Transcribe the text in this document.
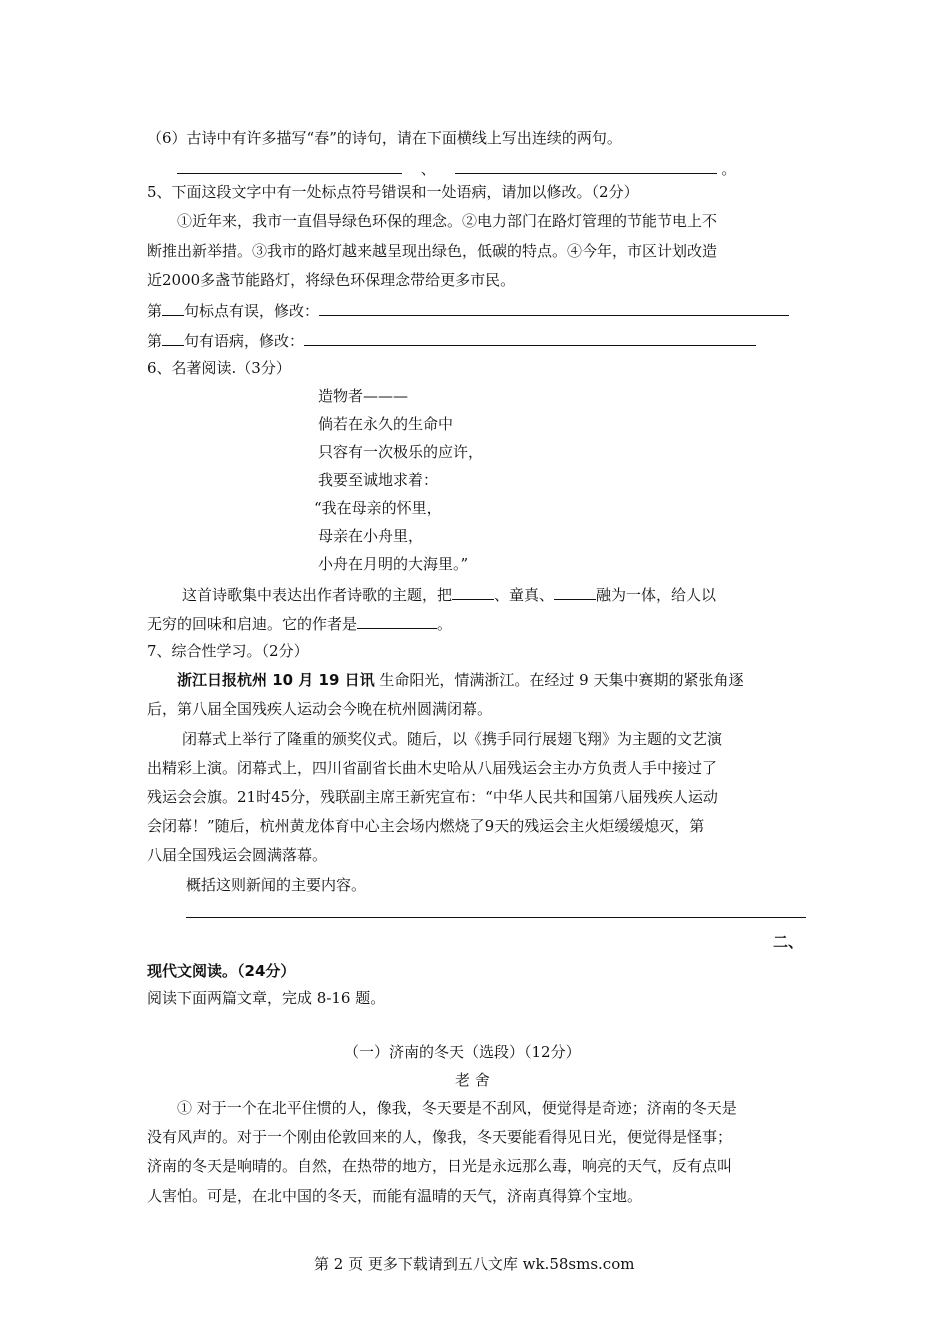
（6）古诗中有许多描写“春”的诗句，请在下面横线上写出连续的两句。
、	。
5、下面这段文字中有一处标点符号错误和一处语病，请加以修改。（2分）
①近年来，我市一直倡导绿色环保的理念。②电力部门在路灯管理的节能节电上不
断推出新举措。③我市的路灯越来越呈现出绿色，低碳的特点。④今年，市区计划改造
近2000多盏节能路灯，将绿色环保理念带给更多市民。
第 句标点有误，修改：
第 句有语病，修改：
6、名著阅读.（3分）
造物者———
倘若在永久的生命中
只容有一次极乐的应许，
我要至诚地求着：
“我在母亲的怀里，
母亲在小舟里，
小舟在月明的大海里。”
这首诗歌集中表达出作者诗歌的主题，把	、童真、	融为一体，给人以
无穷的回味和启迪。它的作者是	。
7、综合性学习。（2分）
浙江日报杭州 10 月 19 日讯 生命阳光，情满浙江。在经过 9 天集中赛期的紧张角逐
后，第八届全国残疾人运动会今晚在杭州圆满闭幕。
闭幕式上举行了隆重的颁奖仪式。随后，以《携手同行展翅飞翔》为主题的文艺演
出精彩上演。闭幕式上，四川省副省长曲木史哈从八届残运会主办方负责人手中接过了
残运会会旗。21时45分，残联副主席王新宪宣布：“中华人民共和国第八届残疾人运动
会闭幕！”随后，杭州黄龙体育中心主会场内燃烧了9天的残运会主火炬缓缓熄灭，第
八届全国残运会圆满落幕。
概括这则新闻的主要内容。
二、
现代文阅读。（24分）
阅读下面两篇文章，完成 8-16 题。
（一）济南的冬天（选段）（12分）
老 舍
① 对于一个在北平住惯的人，像我，冬天要是不刮风，便觉得是奇迹；济南的冬天是
没有风声的。对于一个刚由伦敦回来的人，像我，冬天要能看得见日光，便觉得是怪事；
济南的冬天是响晴的。自然，在热带的地方，日光是永远那么毒，响亮的天气，反有点叫
人害怕。可是，在北中国的冬天，而能有温晴的天气，济南真得算个宝地。
第 2 页 更多下载请到五八文库 wk.58sms.com
